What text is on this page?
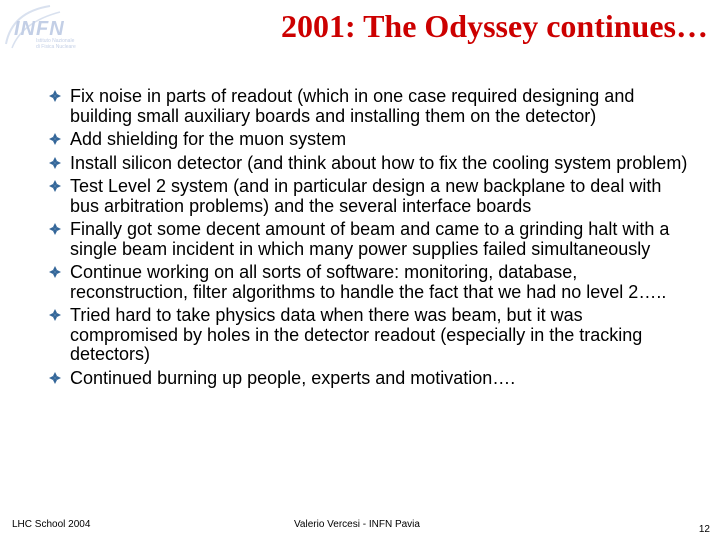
INFN
Istituto Nazionale
di Fisica Nucleare
2001: The Odyssey continues…
Fix noise in parts of readout (which in one case required designing and building small auxiliary boards and installing them on the detector)
Add shielding for the muon system
Install silicon detector (and think about how to fix the cooling system problem)
Test Level 2 system (and in particular design a new backplane to deal with bus arbitration problems) and the several interface boards
Finally got some decent amount of beam and came to a grinding halt with a single beam incident in which many power supplies failed simultaneously
Continue working on all sorts of software: monitoring, database, reconstruction, filter algorithms to handle the fact that we had no level 2…..
Tried hard to take physics data when there was beam, but it was compromised by holes in the detector readout (especially in the tracking detectors)
Continued burning up people, experts and motivation….
LHC School 2004	Valerio Vercesi - INFN Pavia	12
